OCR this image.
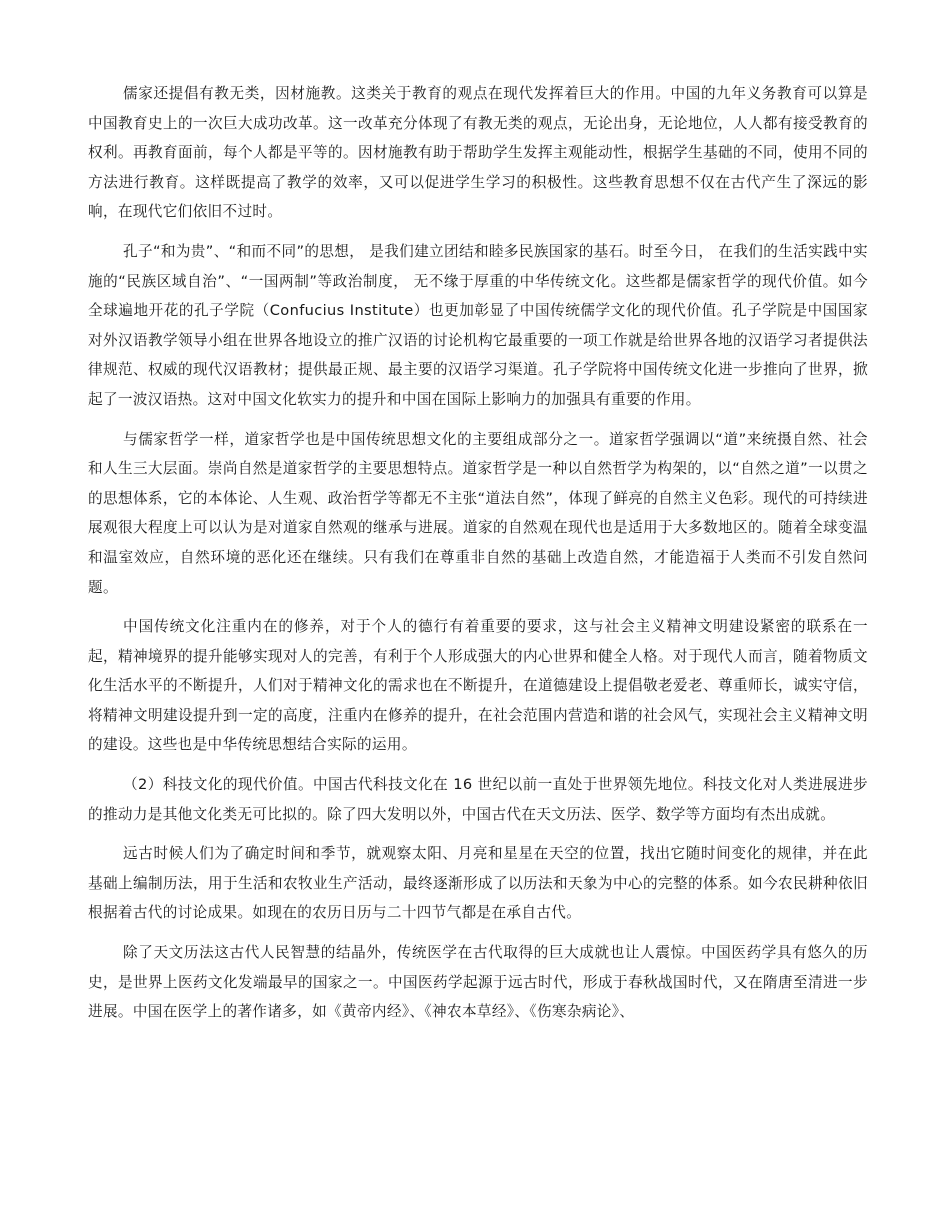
儒家还提倡有教无类，因材施教。这类关于教育的观点在现代发挥着巨大的作用。中国的九年义务教育可以算是中国教育史上的一次巨大成功改革。这一改革充分体现了有教无类的观点，无论出身，无论地位，人人都有接受教育的权利。再教育面前，每个人都是平等的。因材施教有助于帮助学生发挥主观能动性，根据学生基础的不同，使用不同的方法进行教育。这样既提高了教学的效率，又可以促进学生学习的积极性。这些教育思想不仅在古代产生了深远的影响，在现代它们依旧不过时。

孔子“和为贵”、“和而不同”的思想， 是我们建立团结和睦多民族国家的基石。时至今日， 在我们的生活实践中实施的“民族区域自治”、“一国两制”等政治制度， 无不缘于厚重的中华传统文化。这些都是儒家哲学的现代价值。如今全球遍地开花的孔子学院（Confucius Institute）也更加彰显了中国传统儒学文化的现代价值。孔子学院是中国国家对外汉语教学领导小组在世界各地设立的推广汉语的讨论机构它最重要的一项工作就是给世界各地的汉语学习者提供法律规范、权威的现代汉语教材；提供最正规、最主要的汉语学习渠道。孔子学院将中国传统文化进一步推向了世界，掀起了一波汉语热。这对中国文化软实力的提升和中国在国际上影响力的加强具有重要的作用。

与儒家哲学一样，道家哲学也是中国传统思想文化的主要组成部分之一。道家哲学强调以“道”来统摄自然、社会和人生三大层面。崇尚自然是道家哲学的主要思想特点。道家哲学是一种以自然哲学为构架的，以“自然之道”一以贯之的思想体系，它的本体论、人生观、政治哲学等都无不主张“道法自然”，体现了鲜亮的自然主义色彩。现代的可持续进展观很大程度上可以认为是对道家自然观的继承与进展。道家的自然观在现代也是适用于大多数地区的。随着全球变温和温室效应，自然环境的恶化还在继续。只有我们在尊重非自然的基础上改造自然，才能造福于人类而不引发自然问题。

中国传统文化注重内在的修养，对于个人的德行有着重要的要求，这与社会主义精神文明建设紧密的联系在一起，精神境界的提升能够实现对人的完善，有利于个人形成强大的内心世界和健全人格。对于现代人而言，随着物质文化生活水平的不断提升，人们对于精神文化的需求也在不断提升，在道德建设上提倡敬老爱老、尊重师长，诚实守信，将精神文明建设提升到一定的高度，注重内在修养的提升，在社会范围内营造和谐的社会风气，实现社会主义精神文明的建设。这些也是中华传统思想结合实际的运用。

（2）科技文化的现代价值。中国古代科技文化在 16 世纪以前一直处于世界领先地位。科技文化对人类进展进步的推动力是其他文化类无可比拟的。除了四大发明以外，中国古代在天文历法、医学、数学等方面均有杰出成就。

远古时候人们为了确定时间和季节，就观察太阳、月亮和星星在天空的位置，找出它随时间变化的规律，并在此基础上编制历法，用于生活和农牧业生产活动，最终逐渐形成了以历法和天象为中心的完整的体系。如今农民耕种依旧根据着古代的讨论成果。如现在的农历日历与二十四节气都是在承自古代。

除了天文历法这古代人民智慧的结晶外，传统医学在古代取得的巨大成就也让人震惊。中国医药学具有悠久的历史，是世界上医药文化发端最早的国家之一。中国医药学起源于远古时代，形成于春秋战国时代，又在隋唐至清进一步进展。中国在医学上的著作诸多，如《黄帝内经》、《神农本草经》、《伤寒杂病论》、
